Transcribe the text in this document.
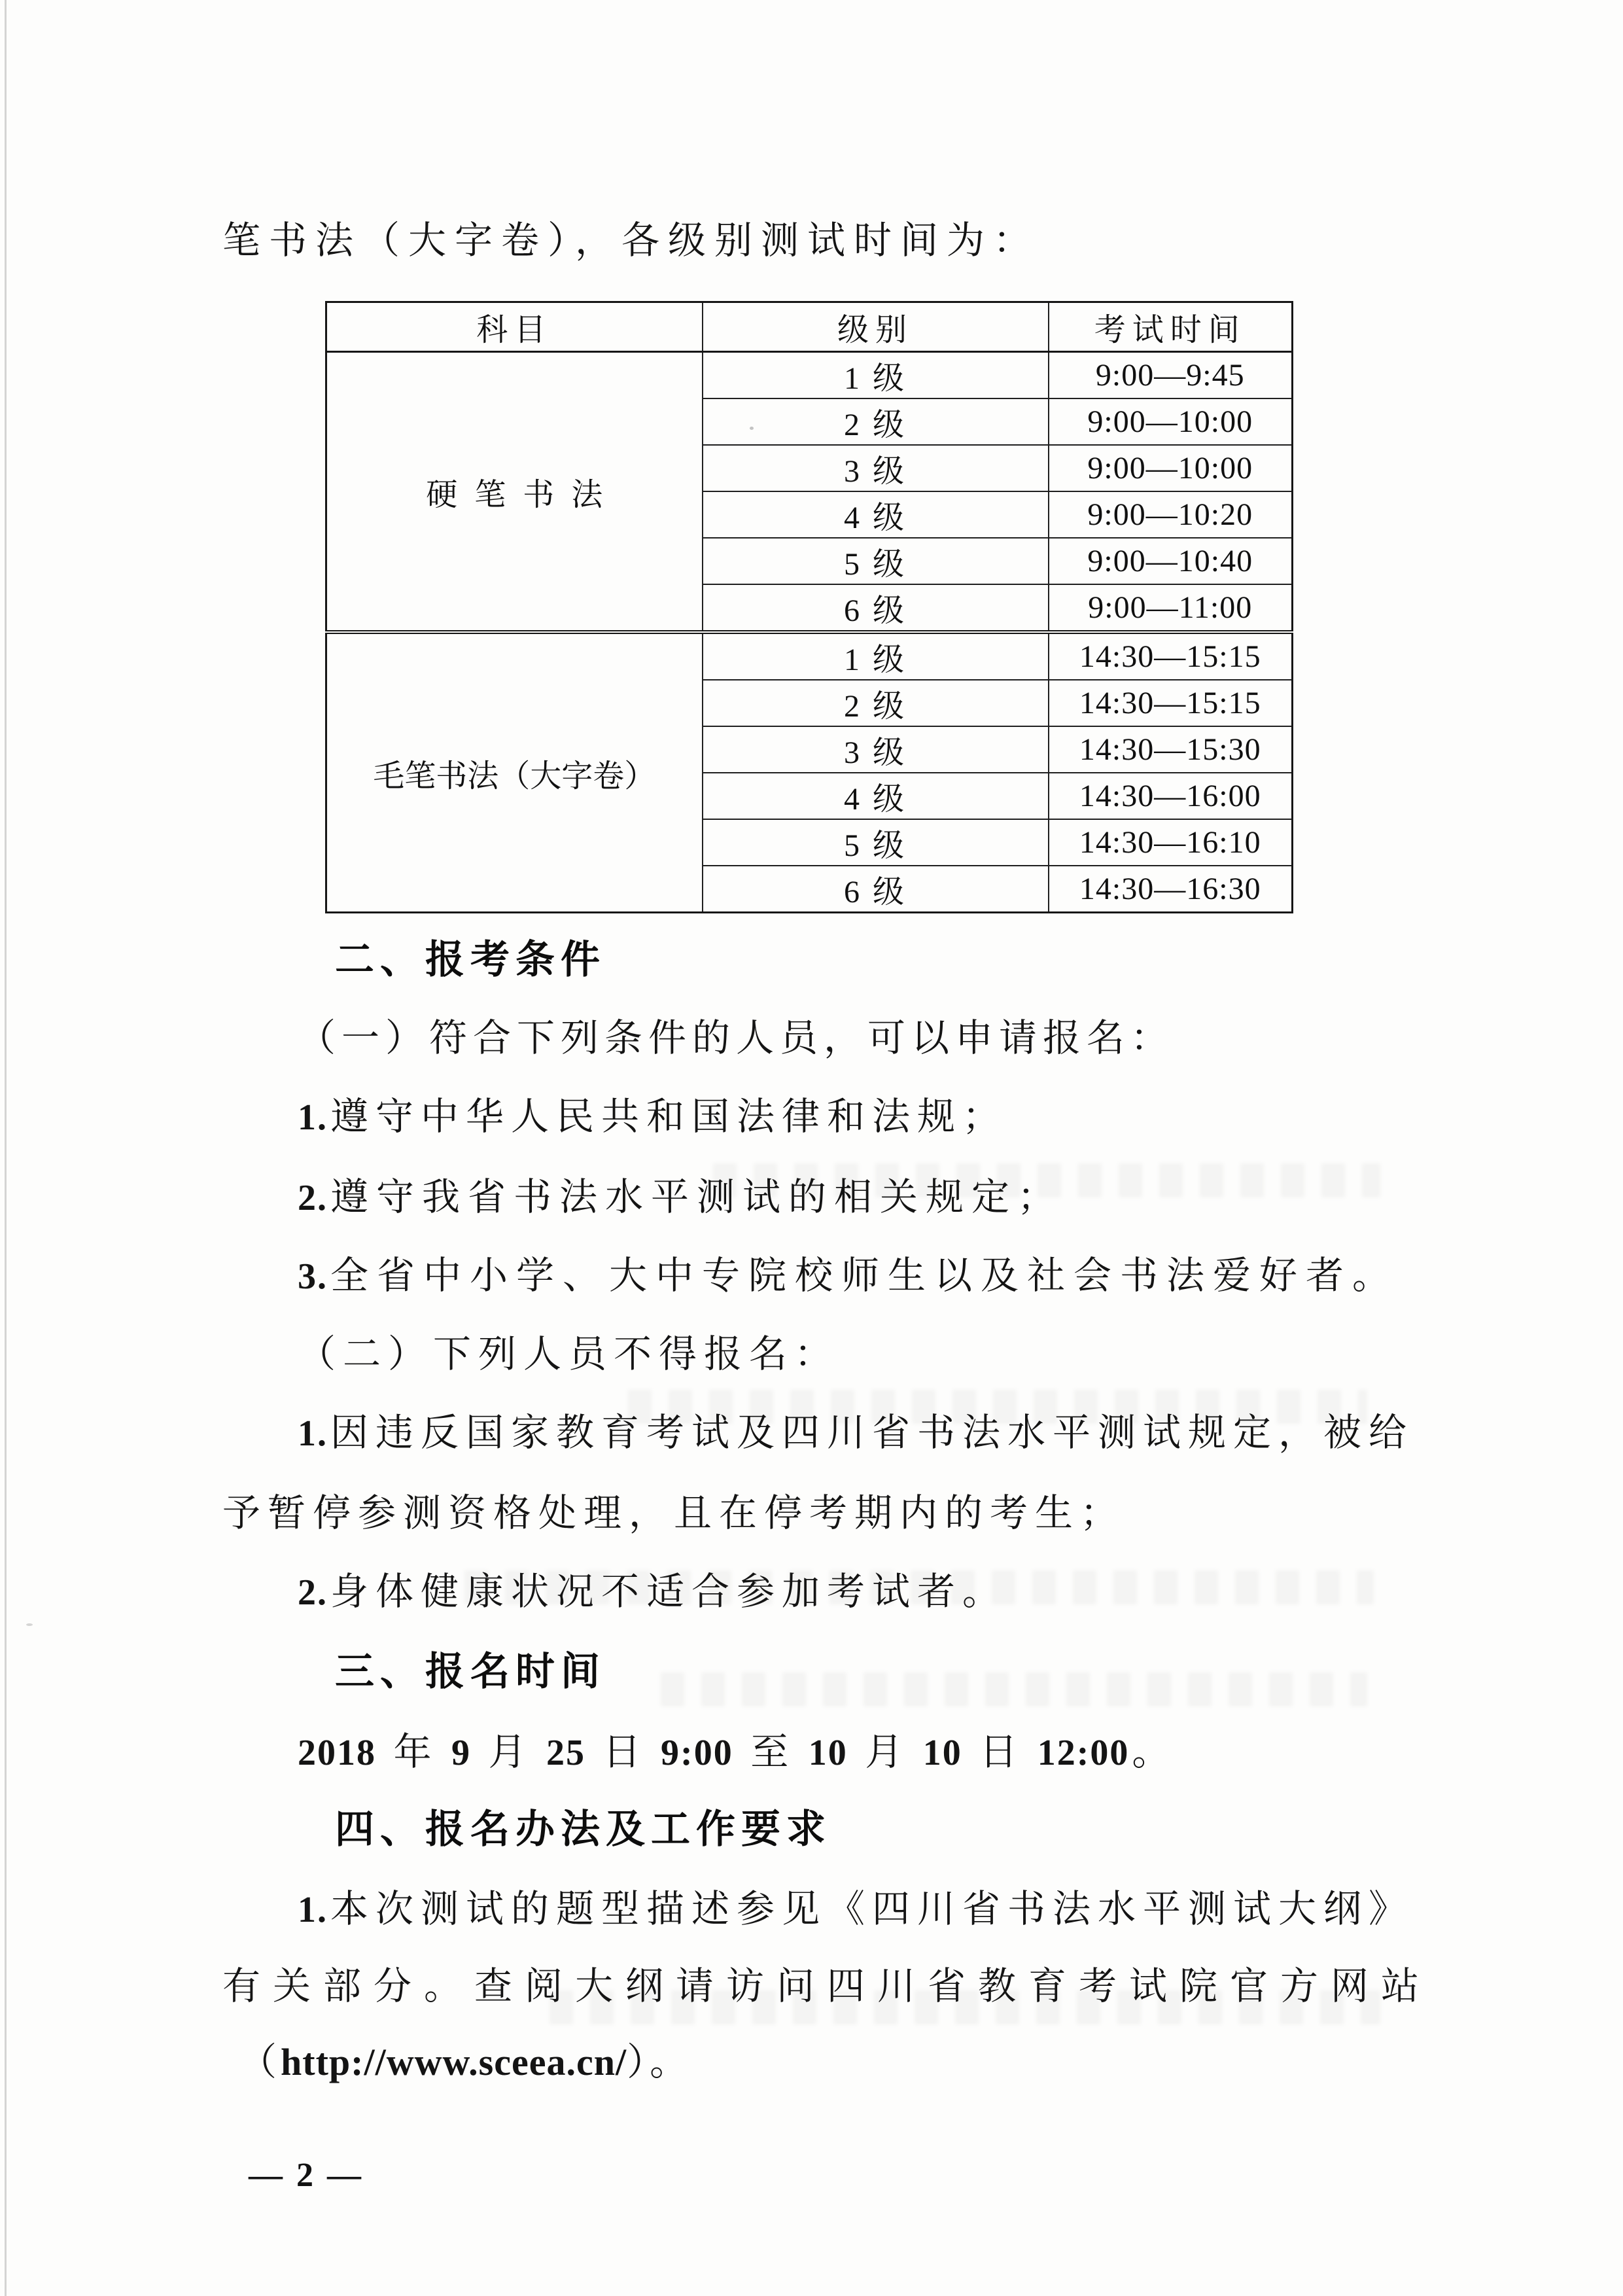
笔书法（大字卷），各级别测试时间为：
科目	级别	考试时间
硬笔书法	1 级	9:00—9:45
	2 级	9:00—10:00
	3 级	9:00—10:00
	4 级	9:00—10:20
	5 级	9:00—10:40
	6 级	9:00—11:00
毛笔书法（大字卷）	1 级	14:30—15:15
	2 级	14:30—15:15
	3 级	14:30—15:30
	4 级	14:30—16:00
	5 级	14:30—16:10
	6 级	14:30—16:30
二、报考条件
（一）符合下列条件的人员，可以申请报名：
1.遵守中华人民共和国法律和法规；
2.遵守我省书法水平测试的相关规定；
3.全省中小学、大中专院校师生以及社会书法爱好者。
（二）下列人员不得报名：
1.因违反国家教育考试及四川省书法水平测试规定，被给
予暂停参测资格处理，且在停考期内的考生；
2.身体健康状况不适合参加考试者。
三、报名时间
2018 年 9 月 25 日 9:00 至 10 月 10 日 12:00。
四、报名办法及工作要求
1.本次测试的题型描述参见《四川省书法水平测试大纲》
有关部分。查阅大纲请访问四川省教育考试院官方网站
（http://www.sceea.cn/）。
— 2 —
